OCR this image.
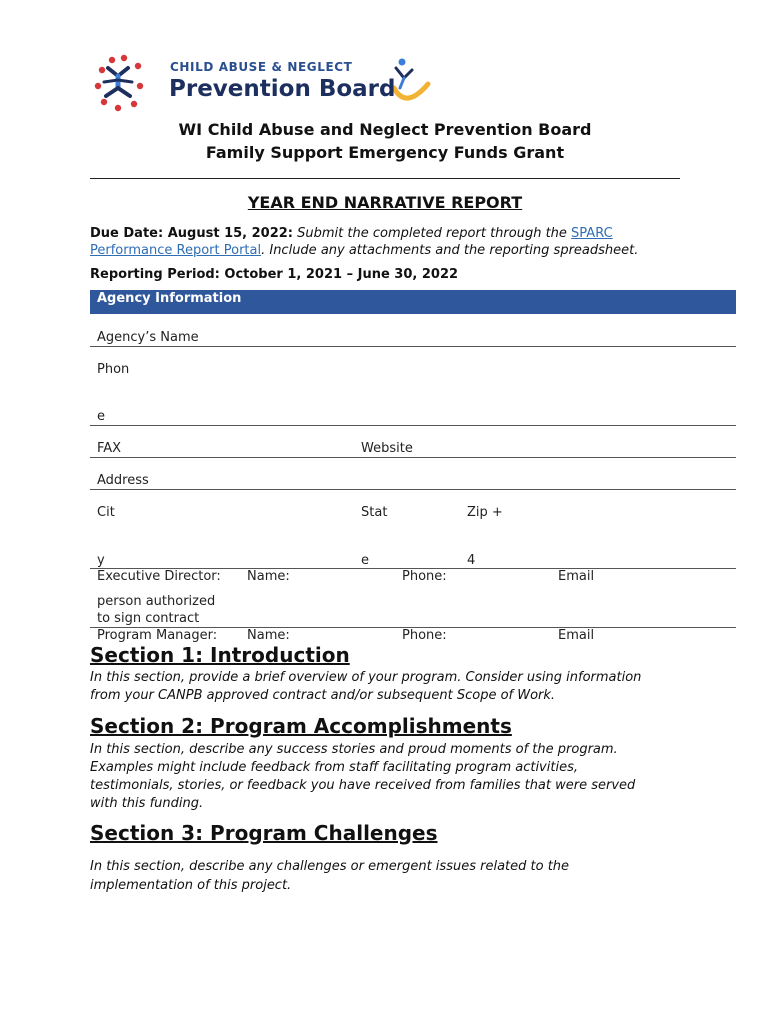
CHILD ABUSE & NEGLECT
Prevention Board
WI Child Abuse and Neglect Prevention Board
Family Support Emergency Funds Grant
YEAR END NARRATIVE REPORT
Due Date: August 15, 2022: Submit the completed report through the SPARC
Performance Report Portal. Include any attachments and the reporting spreadsheet.
Reporting Period: October 1, 2021 – June 30, 2022
Agency Information
Agency’s Name
Phon
e
FAX	Website
Address
Cit	Stat	Zip +
y	e	4
Executive Director: Name:	Phone:	Email
person authorized
to sign contract
Program Manager: Name:	Phone:	Email
Section 1: Introduction
In this section, provide a brief overview of your program. Consider using information
from your CANPB approved contract and/or subsequent Scope of Work.
Section 2: Program Accomplishments
In this section, describe any success stories and proud moments of the program.
Examples might include feedback from staff facilitating program activities,
testimonials, stories, or feedback you have received from families that were served
with this funding.
Section 3: Program Challenges
In this section, describe any challenges or emergent issues related to the
implementation of this project.
